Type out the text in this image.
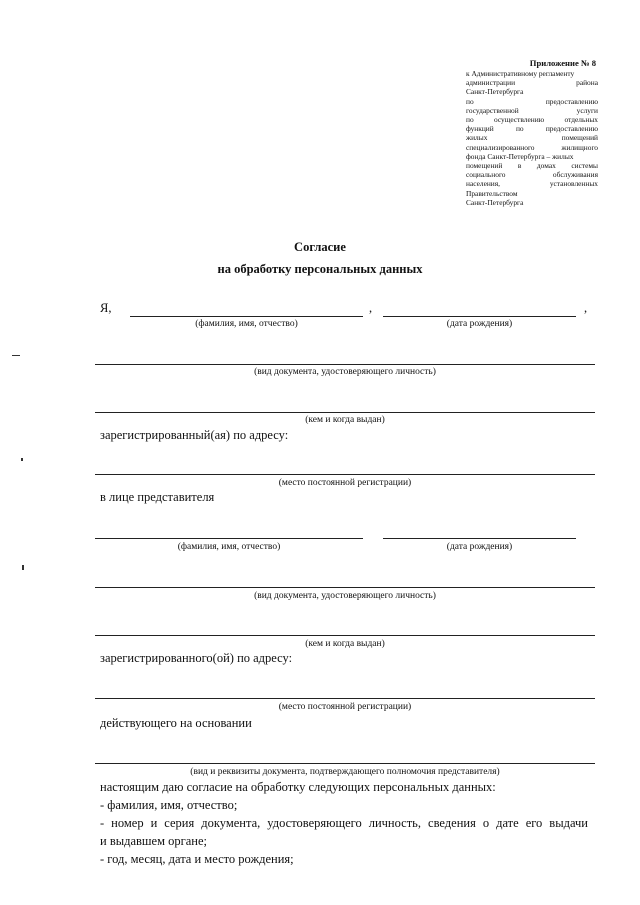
Приложение № 8
к Административному регламенту
администрации	района
Санкт-Петербурга
по	предоставлению
государственной	услуги
по	осуществлению	отдельных
функций	по	предоставлению
жилых	помещений
специализированного	жилищного
фонда Санкт-Петербурга – жилых
помещений в домах системы
социального	обслуживания
населения,	установленных
Правительством
Санкт-Петербурга
Согласие
на обработку персональных данных
Я,	,	,
(фамилия, имя, отчество)	(дата рождения)
(вид документа, удостоверяющего личность)
(кем и когда выдан)
зарегистрированный(ая) по адресу:
(место постоянной регистрации)
в лице представителя
(фамилия, имя, отчество)	(дата рождения)
(вид документа, удостоверяющего личность)
(кем и когда выдан)
зарегистрированного(ой) по адресу:
(место постоянной регистрации)
действующего на основании
(вид и реквизиты документа, подтверждающего полномочия представителя)
настоящим даю согласие на обработку следующих персональных данных:
- фамилия, имя, отчество;
- номер и серия документа, удостоверяющего личность, сведения о дате его выдачи
и выдавшем органе;
- год, месяц, дата и место рождения;
